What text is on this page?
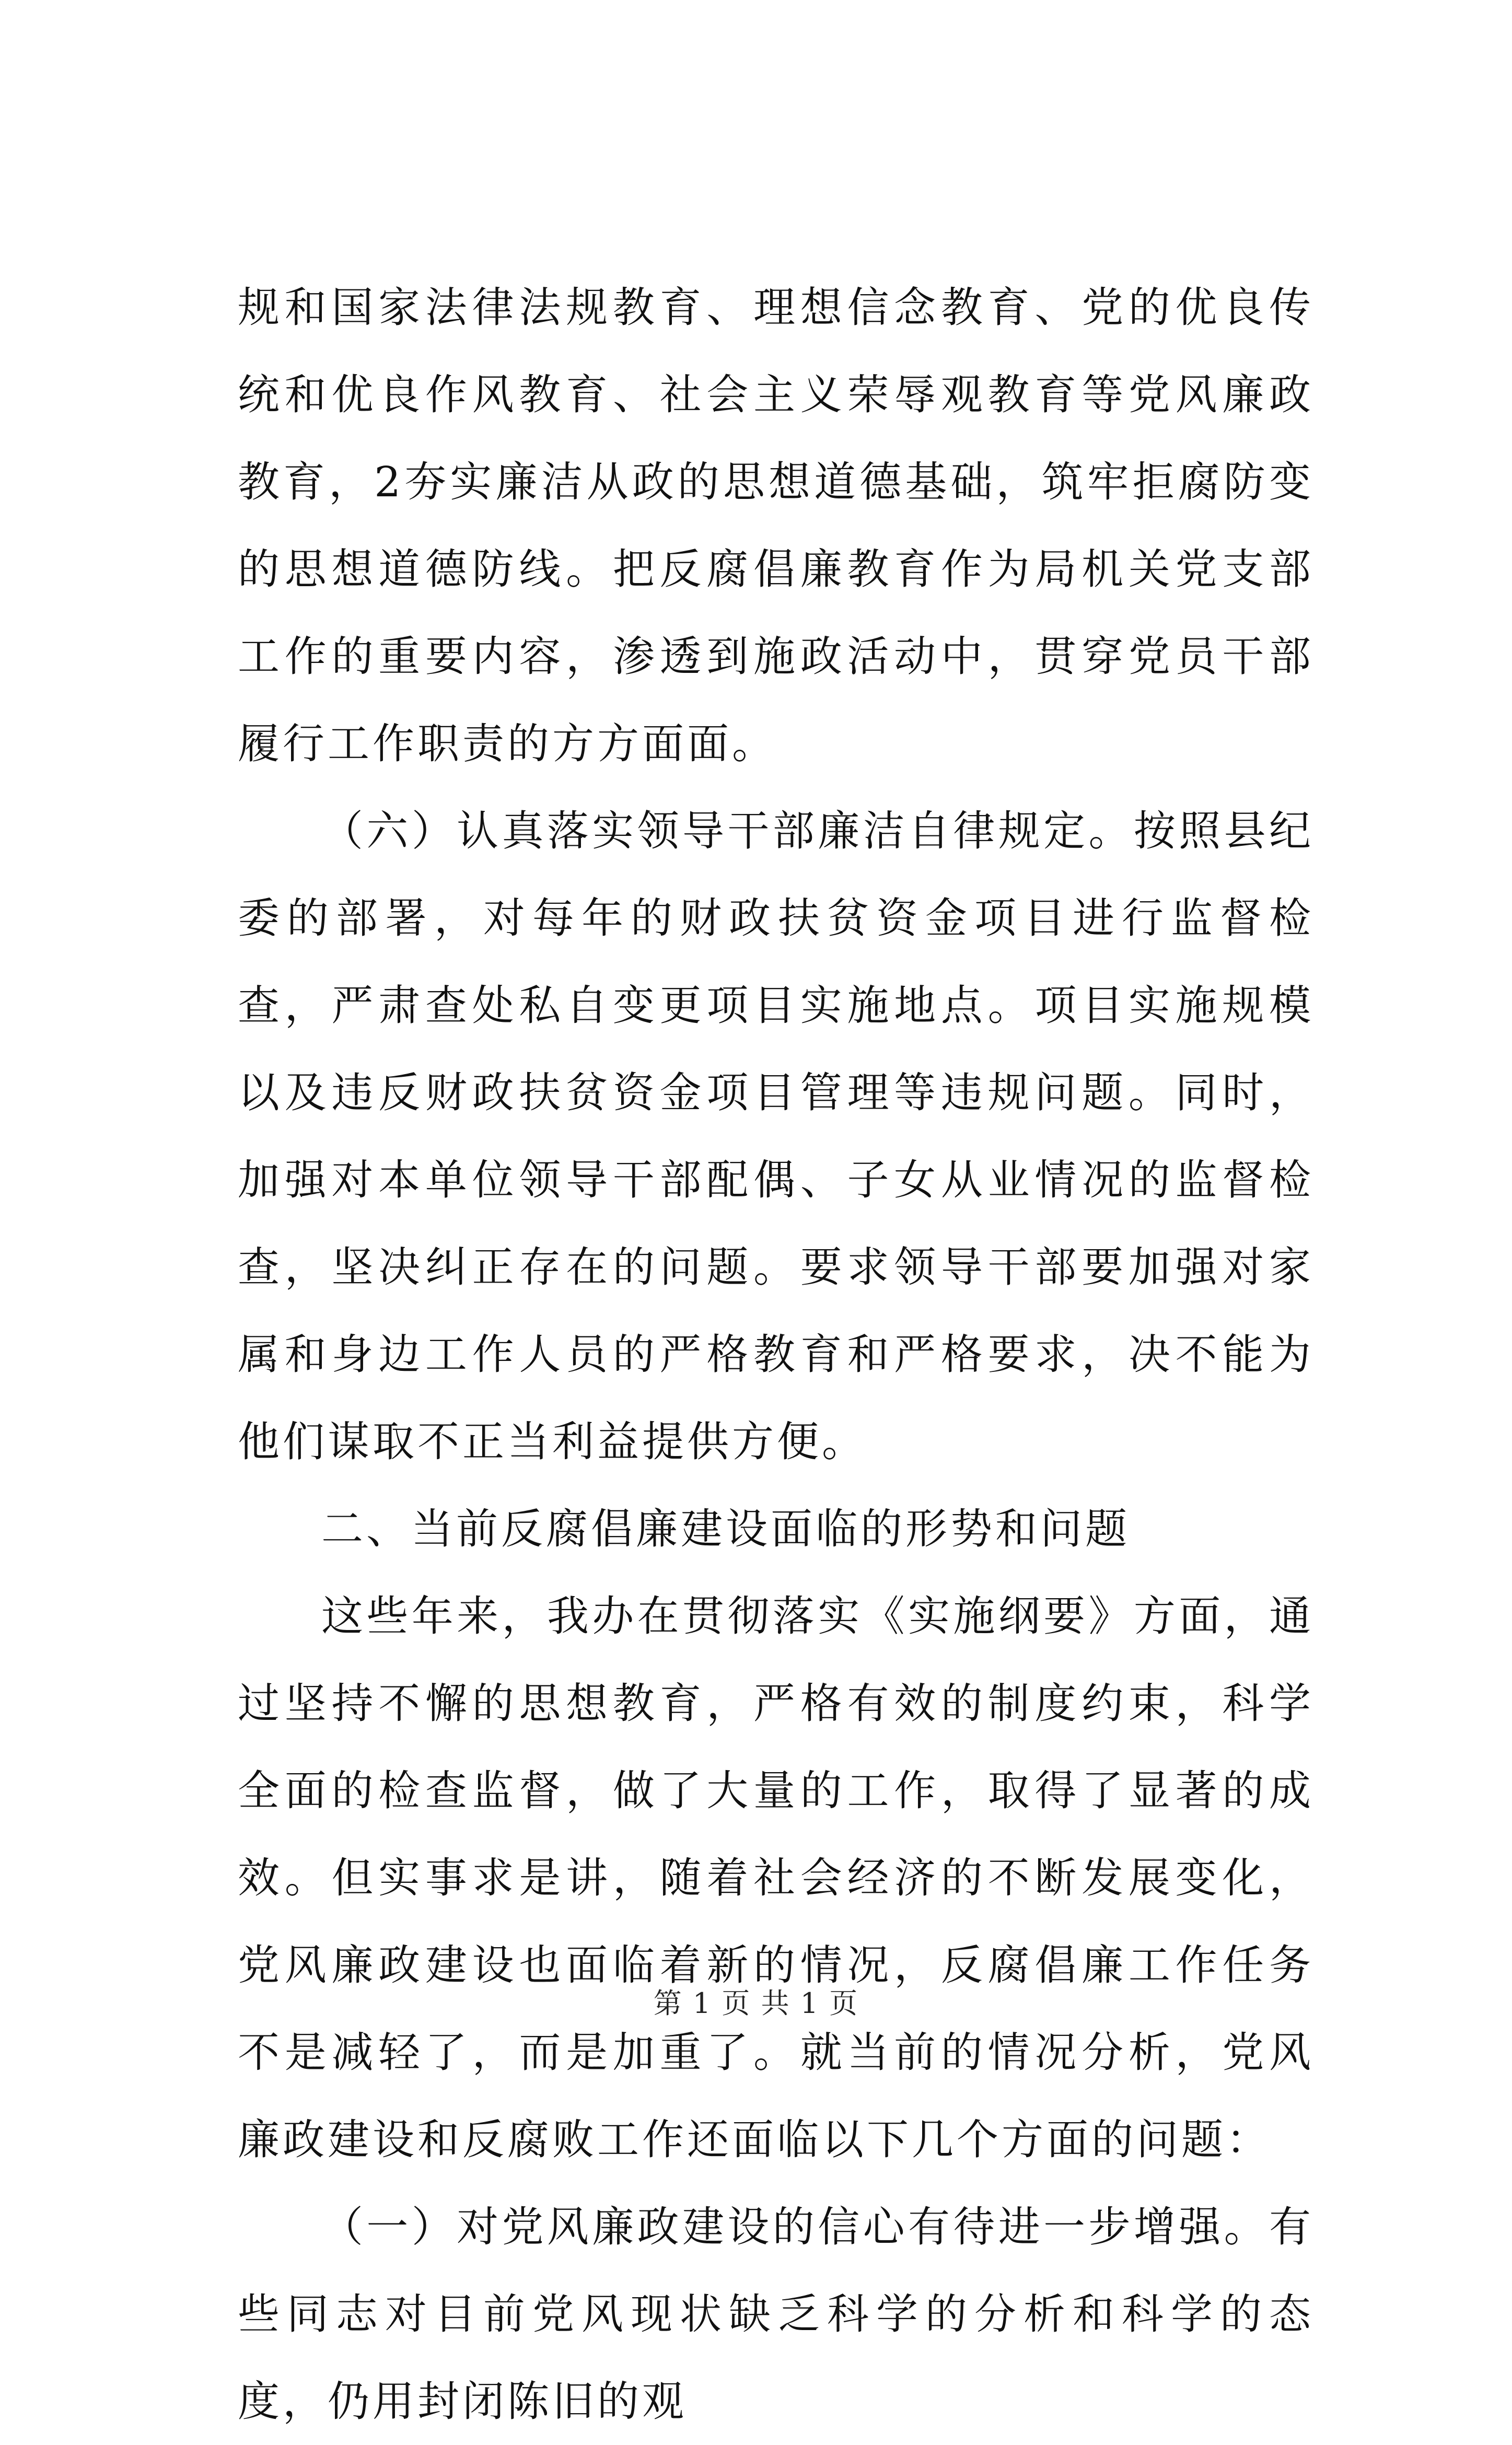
规和国家法律法规教育、理想信念教育、党的优良传统和优良作风教育、社会主义荣辱观教育等党风廉政教育，2夯实廉洁从政的思想道德基础，筑牢拒腐防变的思想道德防线。把反腐倡廉教育作为局机关党支部工作的重要内容，渗透到施政活动中，贯穿党员干部履行工作职责的方方面面。

（六）认真落实领导干部廉洁自律规定。按照县纪委的部署，对每年的财政扶贫资金项目进行监督检查，严肃查处私自变更项目实施地点。项目实施规模以及违反财政扶贫资金项目管理等违规问题。同时，加强对本单位领导干部配偶、子女从业情况的监督检查，坚决纠正存在的问题。要求领导干部要加强对家属和身边工作人员的严格教育和严格要求，决不能为他们谋取不正当利益提供方便。

二、当前反腐倡廉建设面临的形势和问题

这些年来，我办在贯彻落实《实施纲要》方面，通过坚持不懈的思想教育，严格有效的制度约束，科学全面的检查监督，做了大量的工作，取得了显著的成效。但实事求是讲，随着社会经济的不断发展变化，党风廉政建设也面临着新的情况，反腐倡廉工作任务不是减轻了，而是加重了。就当前的情况分析，党风廉政建设和反腐败工作还面临以下几个方面的问题：

（一）对党风廉政建设的信心有待进一步增强。有些同志对目前党风现状缺乏科学的分析和科学的态度，仍用封闭陈旧的观

第 1 页 共 1 页
